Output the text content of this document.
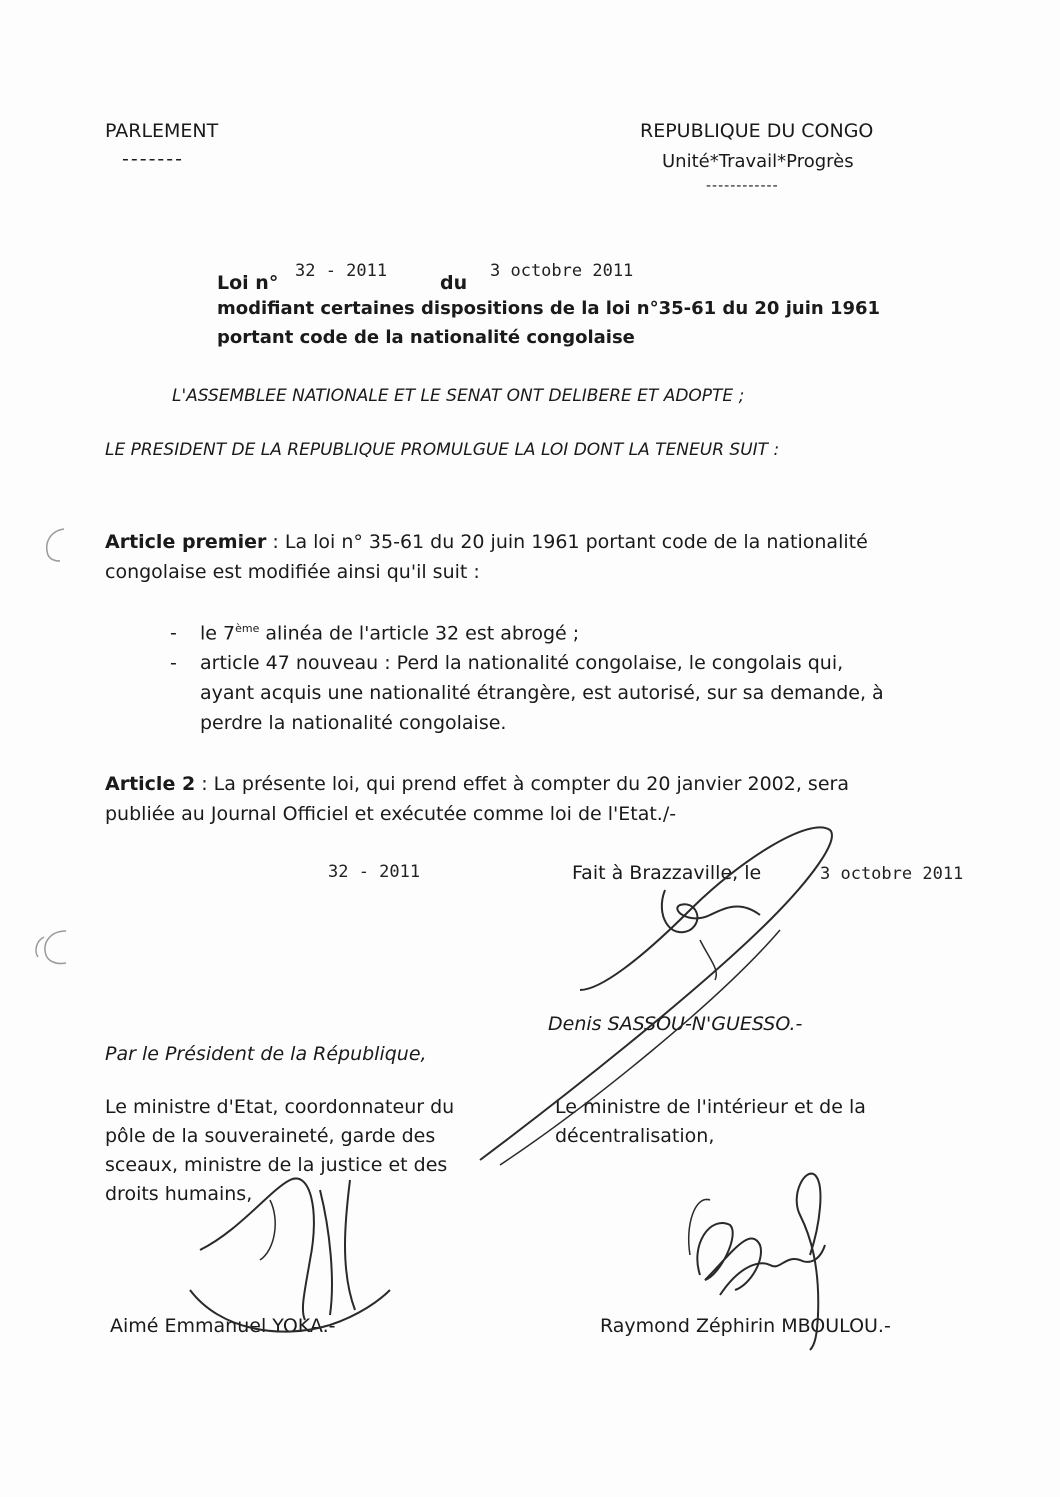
PARLEMENT
-------
REPUBLIQUE DU CONGO
Unité*Travail*Progrès
------------
Loi n°
32 - 2011
du
3 octobre 2011
modifiant certaines dispositions de la loi n°35-61 du 20 juin 1961
portant code de la nationalité congolaise
L'ASSEMBLEE NATIONALE ET LE SENAT ONT DELIBERE ET ADOPTE ;
LE PRESIDENT DE LA REPUBLIQUE PROMULGUE LA LOI DONT LA TENEUR SUIT :
Article premier : La loi n° 35-61 du 20 juin 1961 portant code de la nationalité
congolaise est modifiée ainsi qu'il suit :
- le 7ème alinéa de l'article 32 est abrogé ;
- article 47 nouveau : Perd la nationalité congolaise, le congolais qui,
ayant acquis une nationalité étrangère, est autorisé, sur sa demande, à
perdre la nationalité congolaise.
Article 2 : La présente loi, qui prend effet à compter du 20 janvier 2002, sera
publiée au Journal Officiel et exécutée comme loi de l'Etat./-
32 - 2011	Fait à Brazzaville, le	3 octobre 2011
Denis SASSOU-N'GUESSO.-
Par le Président de la République,
Le ministre d'Etat, coordonnateur du
pôle de la souveraineté, garde des
sceaux, ministre de la justice et des
droits humains,
Le ministre de l'intérieur et de la
décentralisation,
Aimé Emmanuel YOKA.-	Raymond Zéphirin MBOULOU.-
